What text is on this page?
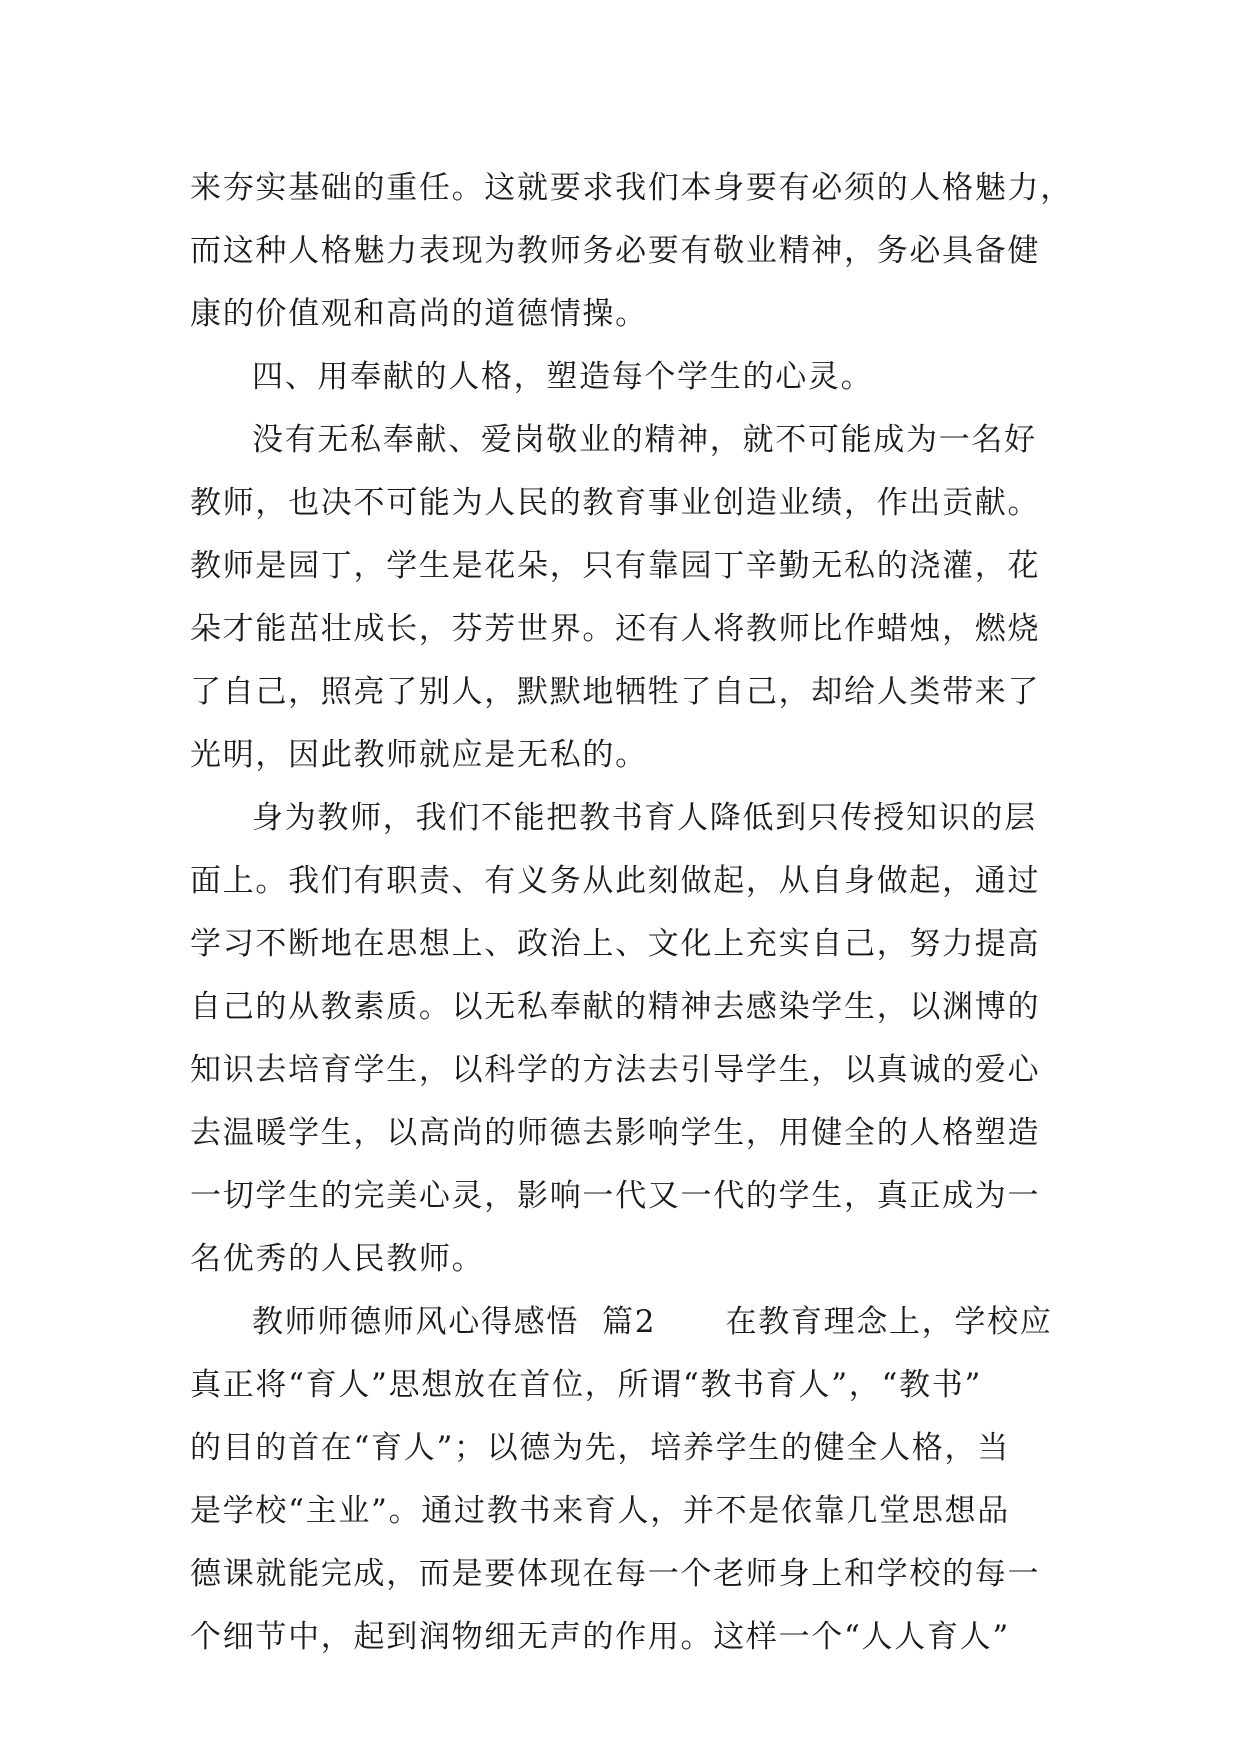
来夯实基础的重任。这就要求我们本身要有必须的人格魅力，
而这种人格魅力表现为教师务必要有敬业精神，务必具备健
康的价值观和高尚的道德情操。
四、用奉献的人格，塑造每个学生的心灵。
没有无私奉献、爱岗敬业的精神，就不可能成为一名好
教师，也决不可能为人民的教育事业创造业绩，作出贡献。
教师是园丁，学生是花朵，只有靠园丁辛勤无私的浇灌，花
朵才能茁壮成长，芬芳世界。还有人将教师比作蜡烛，燃烧
了自己，照亮了别人，默默地牺牲了自己，却给人类带来了
光明，因此教师就应是无私的。
身为教师，我们不能把教书育人降低到只传授知识的层
面上。我们有职责、有义务从此刻做起，从自身做起，通过
学习不断地在思想上、政治上、文化上充实自己，努力提高
自己的从教素质。以无私奉献的精神去感染学生，以渊博的
知识去培育学生，以科学的方法去引导学生，以真诚的爱心
去温暖学生，以高尚的师德去影响学生，用健全的人格塑造
一切学生的完美心灵，影响一代又一代的学生，真正成为一
名优秀的人民教师。
教师师德师风心得感悟  篇2      在教育理念上，学校应
真正将“育人”思想放在首位，所谓“教书育人”，“教书”
的目的首在“育人”；以德为先，培养学生的健全人格，当
是学校“主业”。通过教书来育人，并不是依靠几堂思想品
德课就能完成，而是要体现在每一个老师身上和学校的每一
个细节中，起到润物细无声的作用。这样一个“人人育人”
